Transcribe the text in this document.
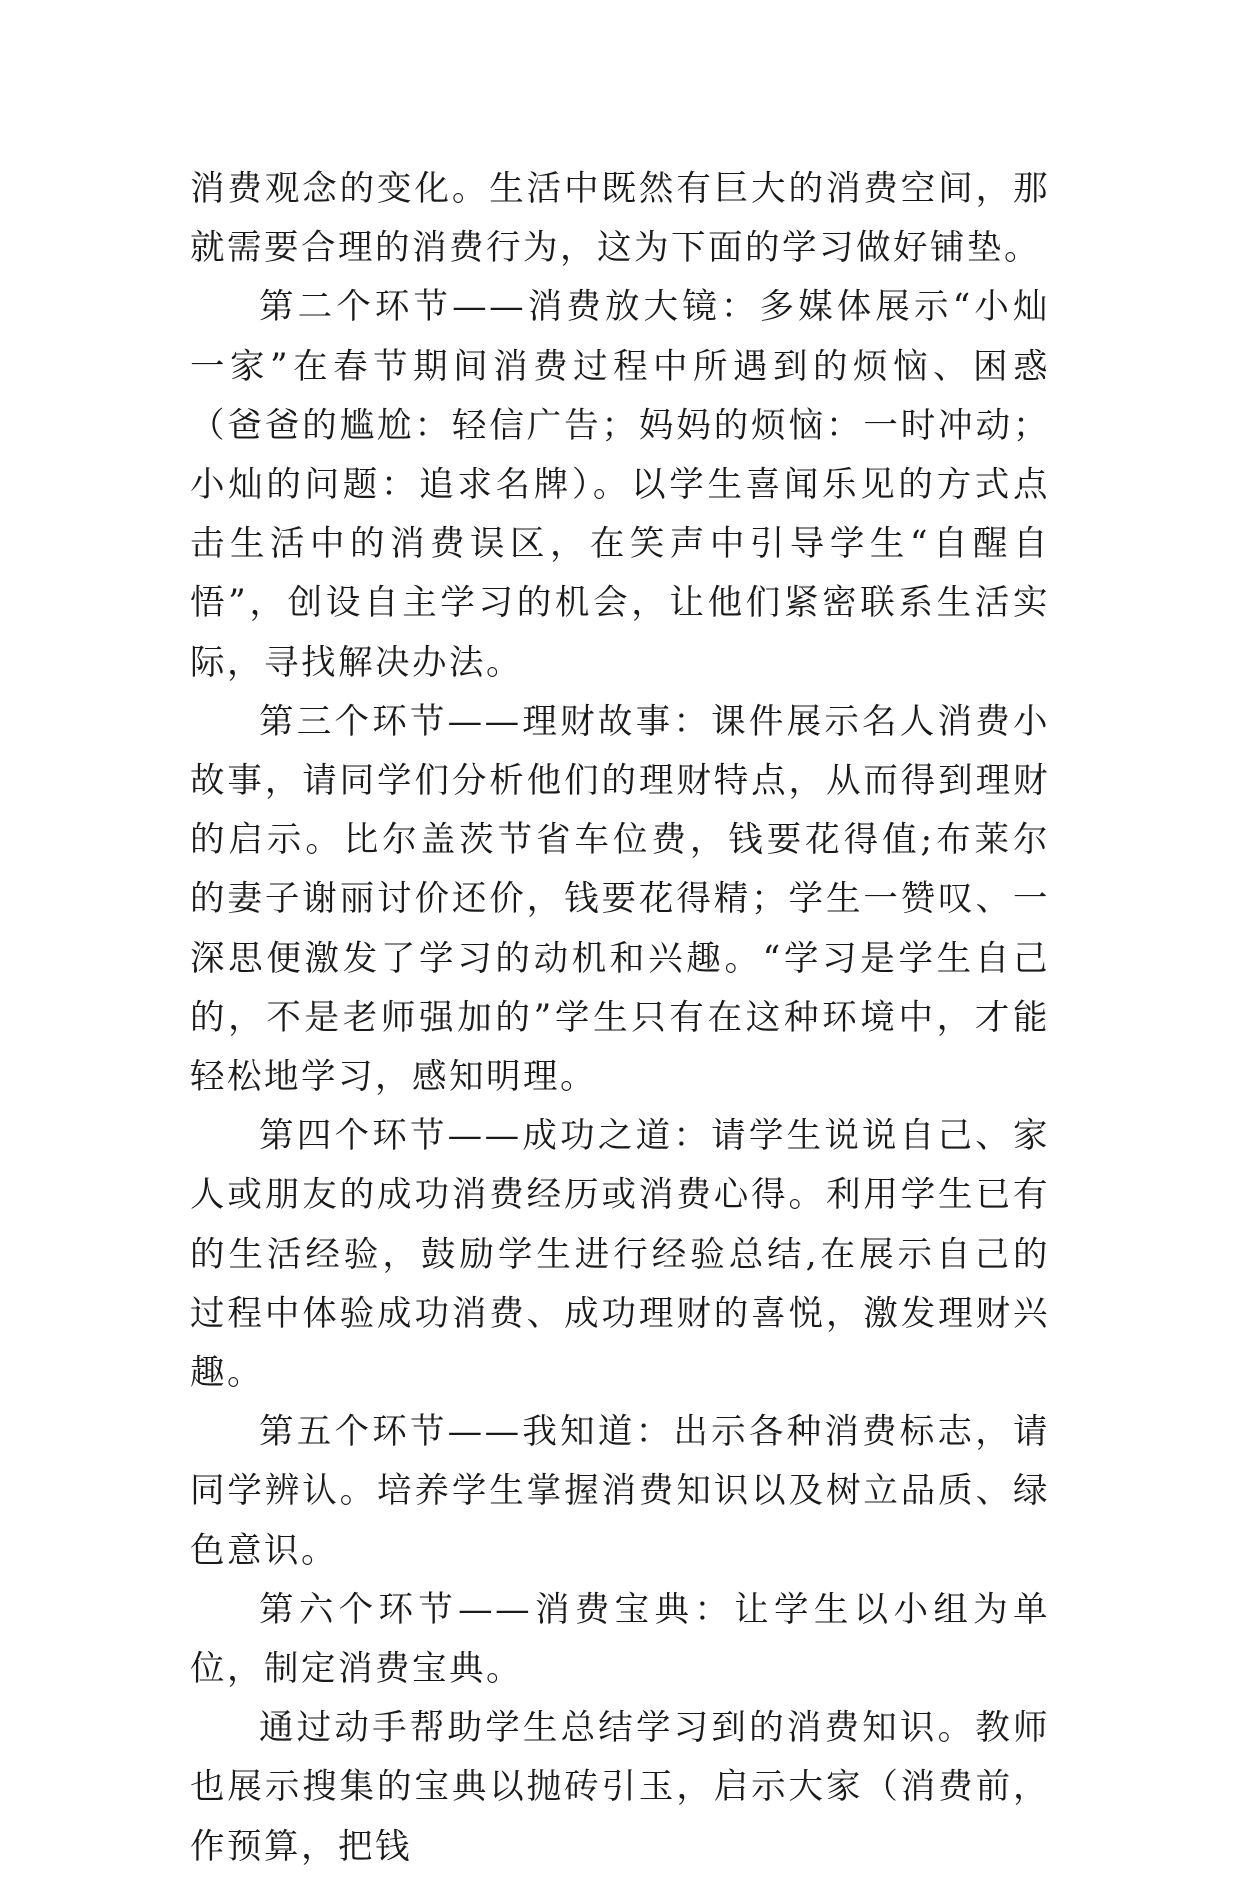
消费观念的变化。生活中既然有巨大的消费空间，那就需要合理的消费行为，这为下面的学习做好铺垫。

第二个环节——消费放大镜：多媒体展示“小灿一家”在春节期间消费过程中所遇到的烦恼、困惑（爸爸的尴尬：轻信广告；妈妈的烦恼：一时冲动；小灿的问题：追求名牌）。以学生喜闻乐见的方式点击生活中的消费误区，在笑声中引导学生“自醒自悟”，创设自主学习的机会，让他们紧密联系生活实际，寻找解决办法。

第三个环节——理财故事：课件展示名人消费小故事，请同学们分析他们的理财特点，从而得到理财的启示。比尔盖茨节省车位费，钱要花得值;布莱尔的妻子谢丽讨价还价，钱要花得精；学生一赞叹、一深思便激发了学习的动机和兴趣。“学习是学生自己的，不是老师强加的”学生只有在这种环境中，才能轻松地学习，感知明理。

第四个环节——成功之道：请学生说说自己、家人或朋友的成功消费经历或消费心得。利用学生已有的生活经验，鼓励学生进行经验总结,在展示自己的过程中体验成功消费、成功理财的喜悦，激发理财兴趣。

第五个环节——我知道：出示各种消费标志，请同学辨认。培养学生掌握消费知识以及树立品质、绿色意识。

第六个环节——消费宝典：让学生以小组为单位，制定消费宝典。

通过动手帮助学生总结学习到的消费知识。教师也展示搜集的宝典以抛砖引玉，启示大家（消费前，作预算，把钱
